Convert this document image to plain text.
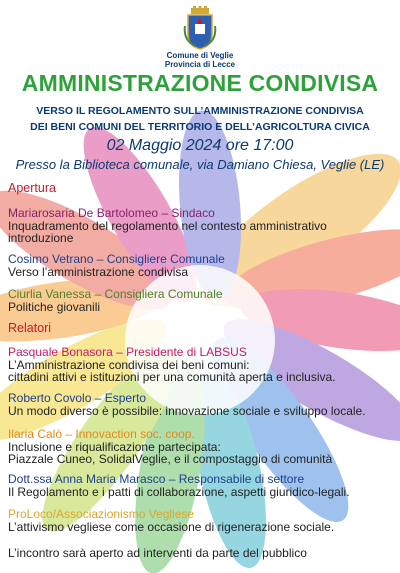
Comune di Veglie
Provincia di Lecce
AMMINISTRAZIONE CONDIVISA
VERSO IL REGOLAMENTO SULL’AMMINISTRAZIONE CONDIVISA
DEI BENI COMUNI DEL TERRITORIO E DELL’AGRICOLTURA CIVICA
02 Maggio 2024 ore 17:00
Presso la Biblioteca comunale, via Damiano Chiesa, Veglie (LE)
Apertura
Mariarosaria De Bartolomeo – Sindaco
Inquadramento del regolamento nel contesto amministrativo
introduzione
Cosimo Vetrano – Consigliere Comunale
Verso l’amministrazione condivisa
Ciurlia Vanessa – Consigliera Comunale
Politiche giovanili
Relatori
Pasquale Bonasora – Presidente di LABSUS
L’Amministrazione condivisa dei beni comuni:
cittadini attivi e istituzioni per una comunità aperta e inclusiva.
Roberto Covolo – Esperto
Un modo diverso è possibile: innovazione sociale e sviluppo locale.
Ilaria Calò – Innovaction soc. coop.
Inclusione e riqualificazione partecipata:
Piazzale Cuneo, SolidalVeglie, e il compostaggio di comunità
Dott.ssa Anna Maria Marasco – Responsabile di settore
Il Regolamento e i patti di collaborazione, aspetti giuridico-legali.
ProLoco/Associazionismo Vegliese
L’attivismo vegliese come occasione di rigenerazione sociale.
L’incontro sarà aperto ad interventi da parte del pubblico
